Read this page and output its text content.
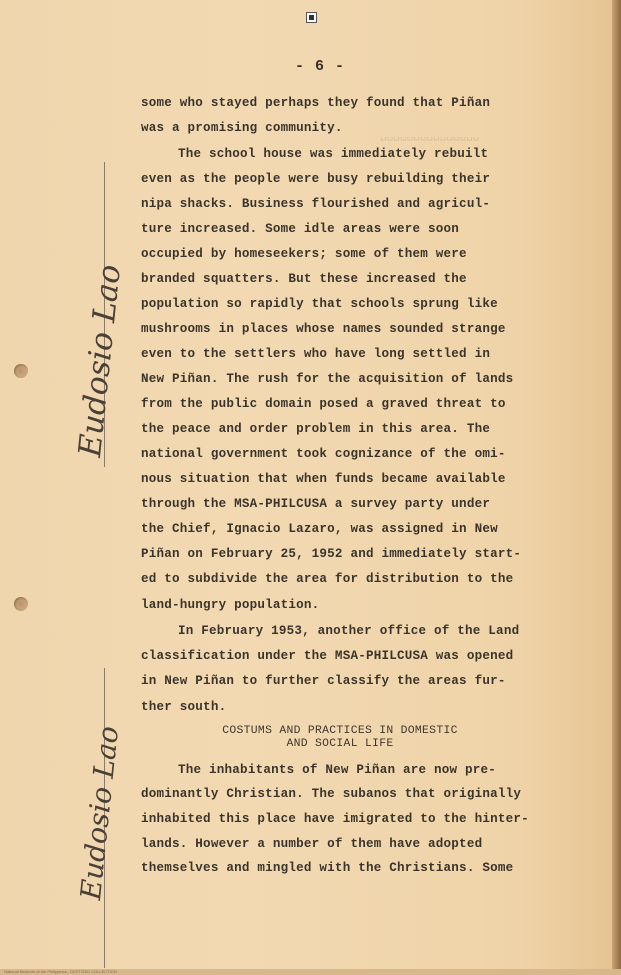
National Museum of the Philippines - DIGITIZED COLLECTION
␣␣␣␣␣␣␣␣␣␣␣␣␣␣␣
Eudosio Lao
Eudosio Lao
- 6 -
some who stayed perhaps they found that Piñan
was a promising community.
The school house was immediately rebuilt
even as the people were busy rebuilding their
nipa shacks. Business flourished and agricul-
ture increased. Some idle areas were soon
occupied by homeseekers; some of them were
branded squatters. But these increased the
population so rapidly that schools sprung like
mushrooms in places whose names sounded strange
even to the settlers who have long settled in
New Piñan. The rush for the acquisition of lands
from the public domain posed a graved threat to
the peace and order problem in this area. The
national government took cognizance of the omi-
nous situation that when funds became available
through the MSA-PHILCUSA a survey party under
the Chief, Ignacio Lazaro, was assigned in New
Piñan on February 25, 1952 and immediately start-
ed to subdivide the area for distribution to the
land-hungry population.
In February 1953, another office of the Land
classification under the MSA-PHILCUSA was opened
in New Piñan to further classify the areas fur-
ther south.
COSTUMS AND PRACTICES IN DOMESTIC
AND SOCIAL LIFE
The inhabitants of New Piñan are now pre-
dominantly Christian. The subanos that originally
inhabited this place have imigrated to the hinter-
lands. However a number of them have adopted
themselves and mingled with the Christians. Some
